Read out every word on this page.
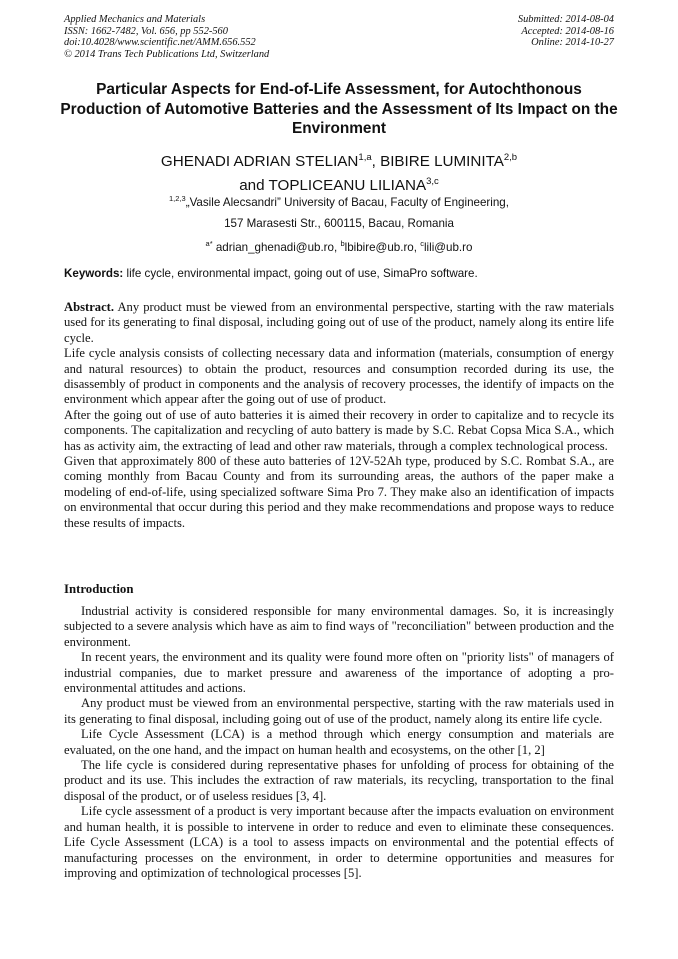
Applied Mechanics and Materials
ISSN: 1662-7482, Vol. 656, pp 552-560
doi:10.4028/www.scientific.net/AMM.656.552
© 2014 Trans Tech Publications Ltd, Switzerland
Submitted: 2014-08-04
Accepted: 2014-08-16
Online: 2014-10-27
Particular Aspects for End-of-Life Assessment, for Autochthonous Production of Automotive Batteries and the Assessment of Its Impact on the Environment
GHENADI ADRIAN STELIAN$^{1,a}$, BIBIRE LUMINITA$^{2,b}$
and TOPLICEANU LILIANA$^{3,c}$
$^{1,2,3}$„Vasile Alecsandri” University of Bacau, Faculty of Engineering,
157 Marasesti Str., 600115, Bacau, Romania
$^{a*}$ adrian_ghenadi@ub.ro, $^b$lbibire@ub.ro, $^c$lili@ub.ro
Keywords: life cycle, environmental impact, going out of use, SimaPro software.

Abstract. Any product must be viewed from an environmental perspective, starting with the raw materials used for its generating to final disposal, including going out of use of the product, namely along its entire life cycle.

Life cycle analysis consists of collecting necessary data and information (materials, consumption of energy and natural resources) to obtain the product, resources and consumption recorded during its use, the disassembly of product in components and the analysis of recovery processes, the identify of impacts on the environment which appear after the going out of use of product.

After the going out of use of auto batteries it is aimed their recovery in order to capitalize and to recycle its components. The capitalization and recycling of auto battery is made by S.C. Rebat Copsa Mica S.A., which has as activity aim, the extracting of lead and other raw materials, through a complex technological process.

Given that approximately 800 of these auto batteries of 12V-52Ah type, produced by S.C. Rombat S.A., are coming monthly from Bacau County and from its surrounding areas, the authors of the paper make a modeling of end-of-life, using specialized software Sima Pro 7. They make also an identification of impacts on environmental that occur during this period and they make recommendations and propose ways to reduce these results of impacts.

Introduction

Industrial activity is considered responsible for many environmental damages. So, it is increasingly subjected to a severe analysis which have as aim to find ways of "reconciliation" between production and the environment.

In recent years, the environment and its quality were found more often on "priority lists" of managers of industrial companies, due to market pressure and awareness of the importance of adopting a pro-environmental attitudes and actions.

Any product must be viewed from an environmental perspective, starting with the raw materials used in its generating to final disposal, including going out of use of the product, namely along its entire life cycle.

Life Cycle Assessment (LCA) is a method through which energy consumption and materials are evaluated, on the one hand, and the impact on human health and ecosystems, on the other [1, 2]

The life cycle is considered during representative phases for unfolding of process for obtaining of the product and its use. This includes the extraction of raw materials, its recycling, transportation to the final disposal of the product, or of useless residues [3, 4].

Life cycle assessment of a product is very important because after the impacts evaluation on environment and human health, it is possible to intervene in order to reduce and even to eliminate these consequences. Life Cycle Assessment (LCA) is a tool to assess impacts on environmental and the potential effects of manufacturing processes on the environment, in order to determine opportunities and measures for improving and optimization of technological processes [5].
